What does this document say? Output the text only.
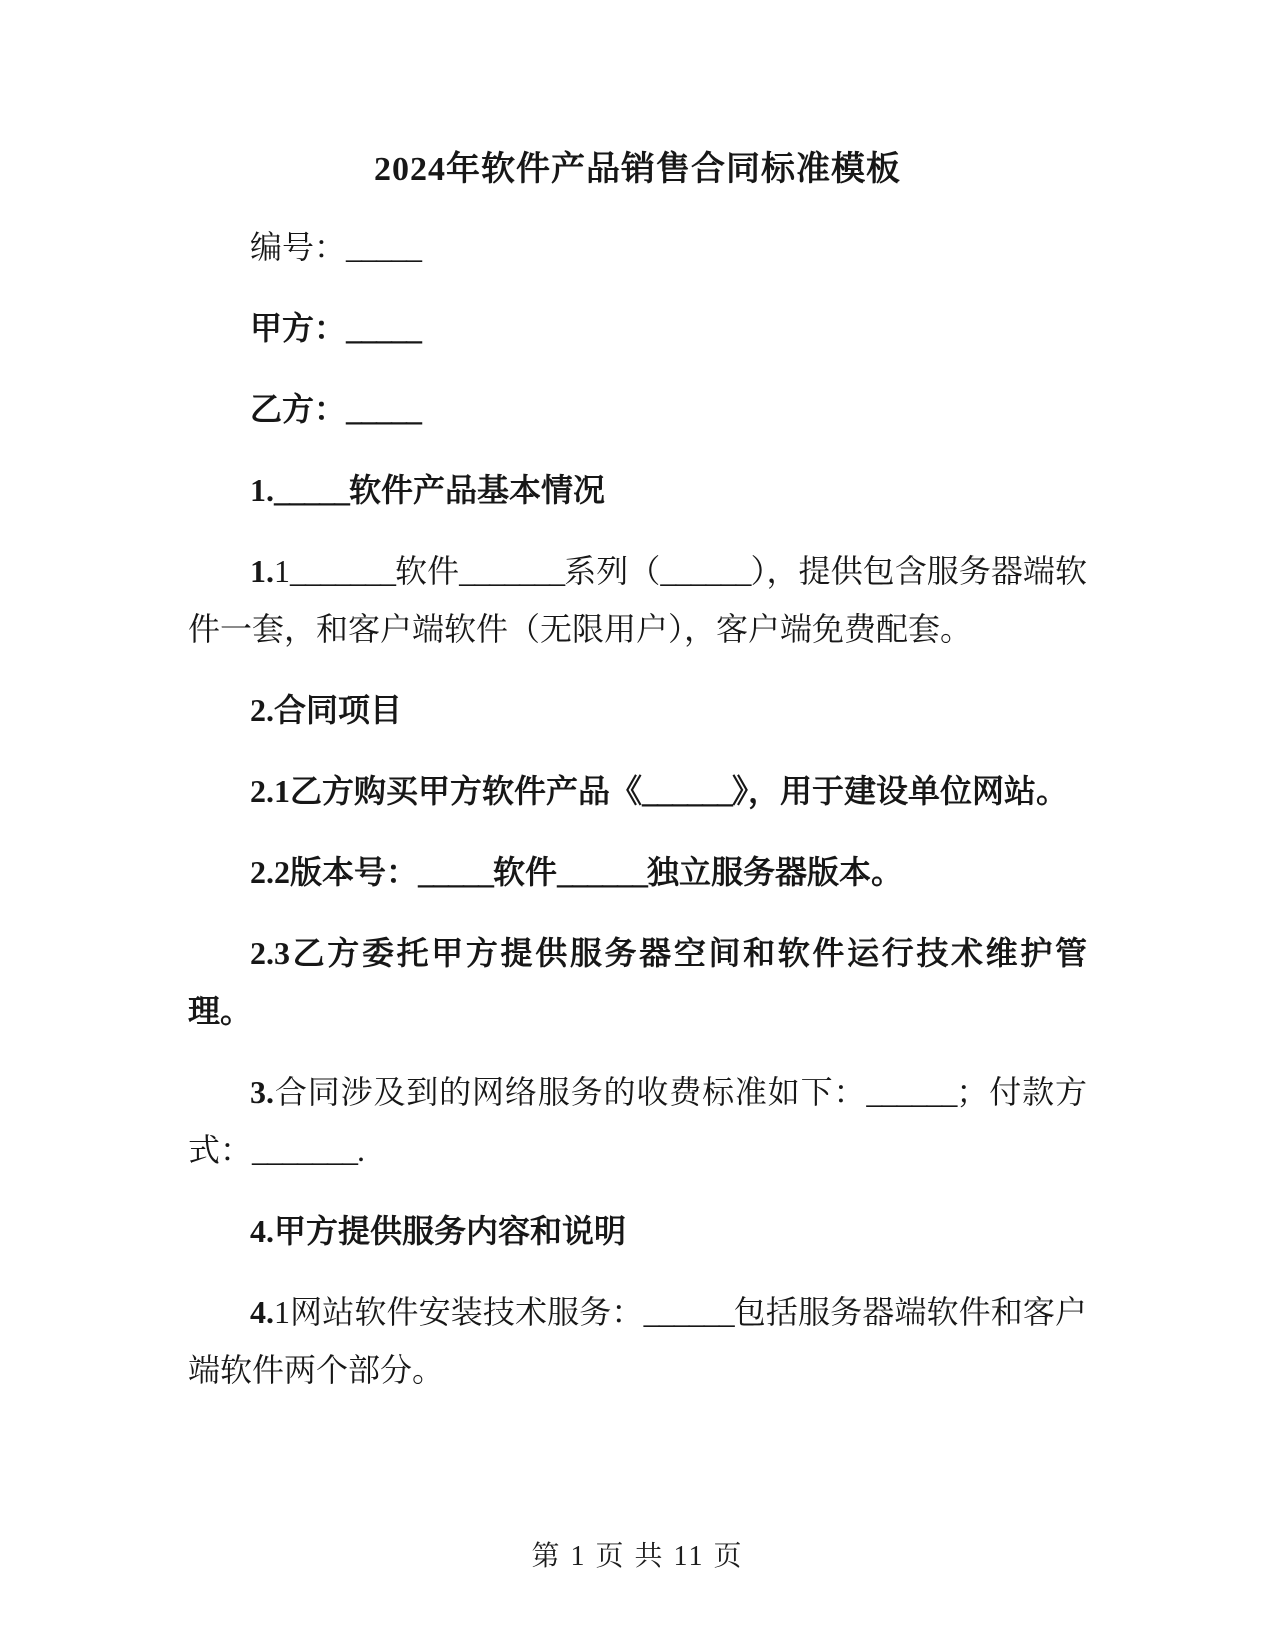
2024年软件产品销售合同标准模板

编号：_____

甲方：_____

乙方：_____

1._____软件产品基本情况

1.1_______软件_______系列（______），提供包含服务器端软件一套，和客户端软件（无限用户），客户端免费配套。

2.合同项目

2.1乙方购买甲方软件产品《______》，用于建设单位网站。

2.2版本号：_____软件______独立服务器版本。

2.3乙方委托甲方提供服务器空间和软件运行技术维护管理。

3.合同涉及到的网络服务的收费标准如下：______；付款方式：_______.

4.甲方提供服务内容和说明

4.1网站软件安装技术服务：______包括服务器端软件和客户端软件两个部分。

第 1 页 共 11 页
